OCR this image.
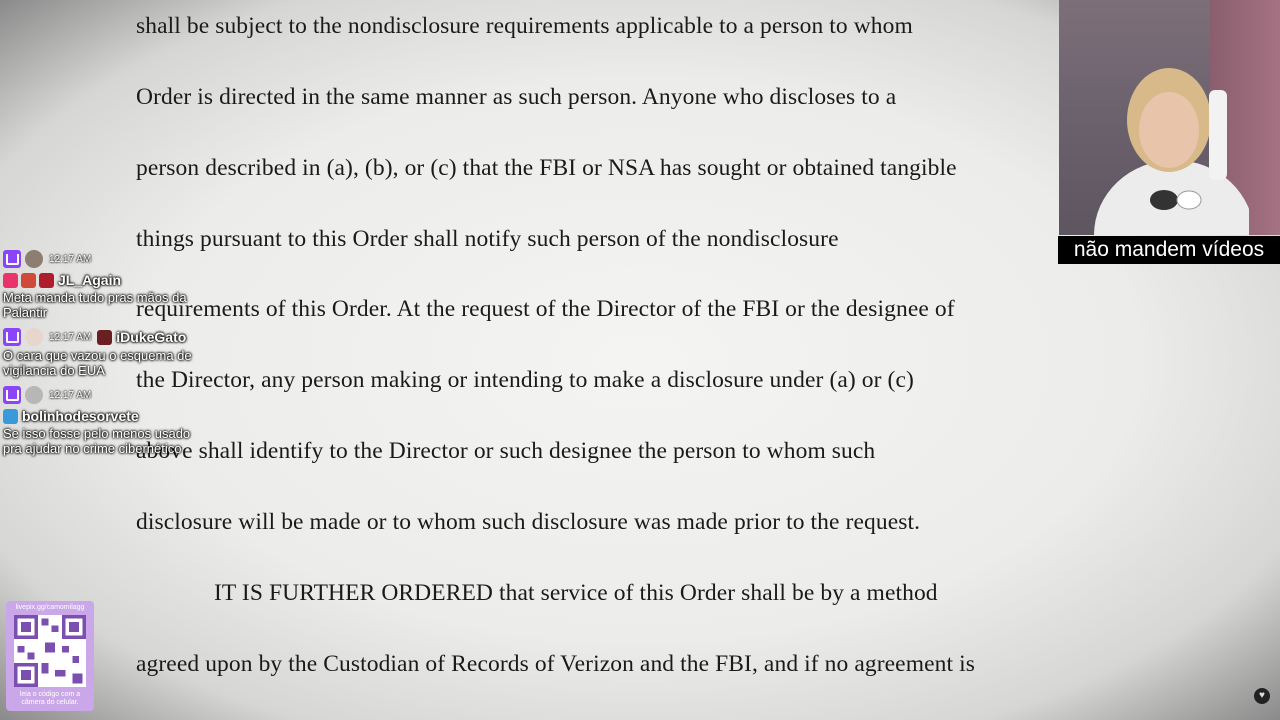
shall be subject to the nondisclosure requirements applicable to a person to whom
Order is directed in the same manner as such person. Anyone who discloses to a
person described in (a), (b), or (c) that the FBI or NSA has sought or obtained tangible
things pursuant to this Order shall notify such person of the nondisclosure
requirements of this Order. At the request of the Director of the FBI or the designee of
the Director, any person making or intending to make a disclosure under (a) or (c)
above shall identify to the Director or such designee the person to whom such
disclosure will be made or to whom such disclosure was made prior to the request.
IT IS FURTHER ORDERED that service of this Order shall be by a method
agreed upon by the Custodian of Records of Verizon and the FBI, and if no agreement is
não mandem vídeos
12:17 AM
JL_Again
Meta manda tudo pras mãos da Palantir
12:17 AM iDukeGato
O cara que vazou o esquema de vigilancia do EUA
12:17 AM
bolinhodesorvete
Se isso fosse pelo menos usado pra ajudar no crime cibernético
livepix.gg/camomilagg
leia o código com a câmera do celular.
♥
